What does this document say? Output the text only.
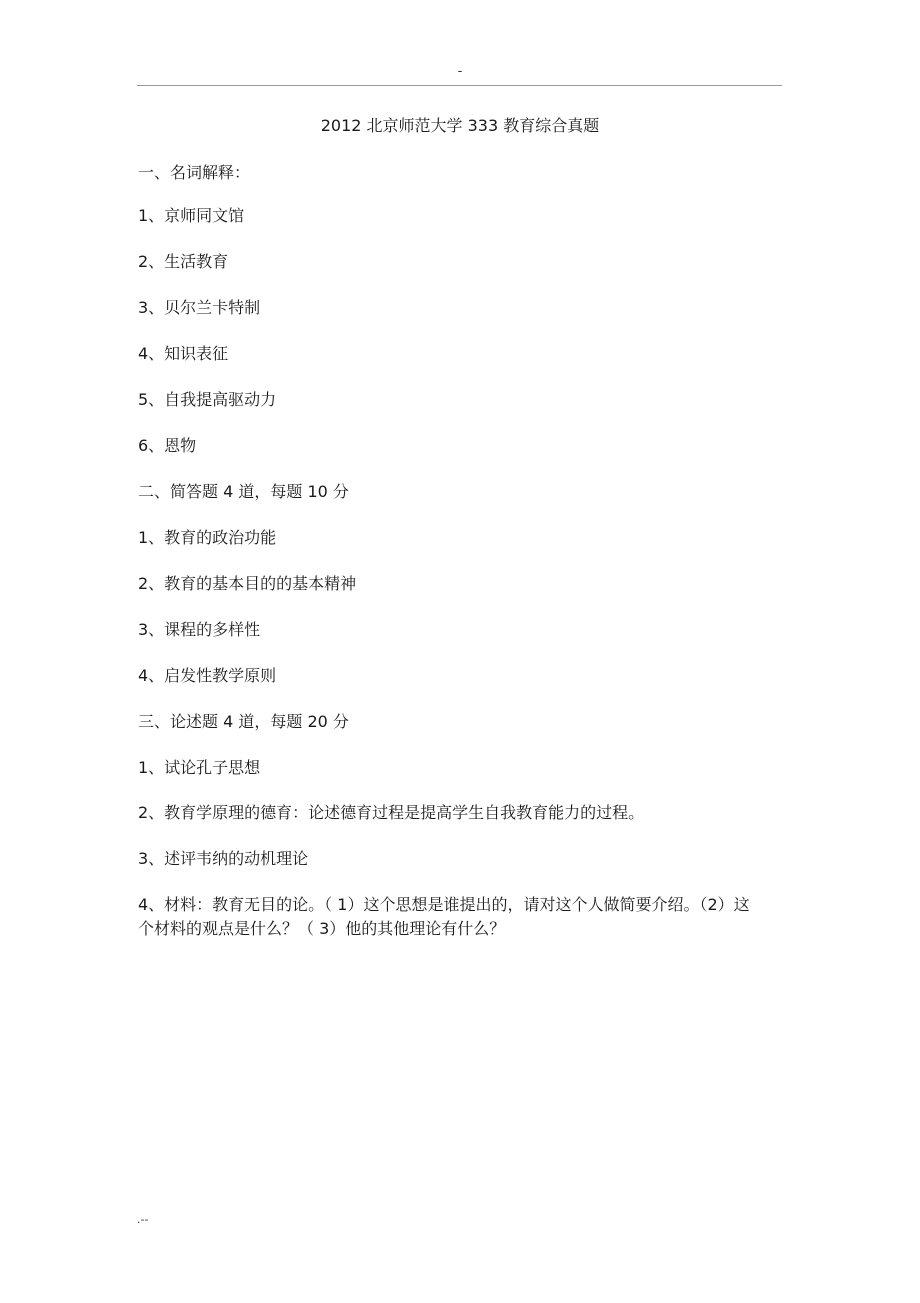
-
2012 北京师范大学 333 教育综合真题
一、名词解释：
1、京师同文馆
2、生活教育
3、贝尔兰卡特制
4、知识表征
5、自我提高驱动力
6、恩物
二、简答题 4 道，每题 10 分
1、教育的政治功能
2、教育的基本目的的基本精神
3、课程的多样性
4、启发性教学原则
三、论述题 4 道，每题 20 分
1、试论孔子思想
2、教育学原理的德育：论述德育过程是提高学生自我教育能力的过程。
3、述评韦纳的动机理论
4、材料：教育无目的论。（ 1）这个思想是谁提出的，请对这个人做简要介绍。（2）这个材料的观点是什么？（ 3）他的其他理论有什么？
.--
